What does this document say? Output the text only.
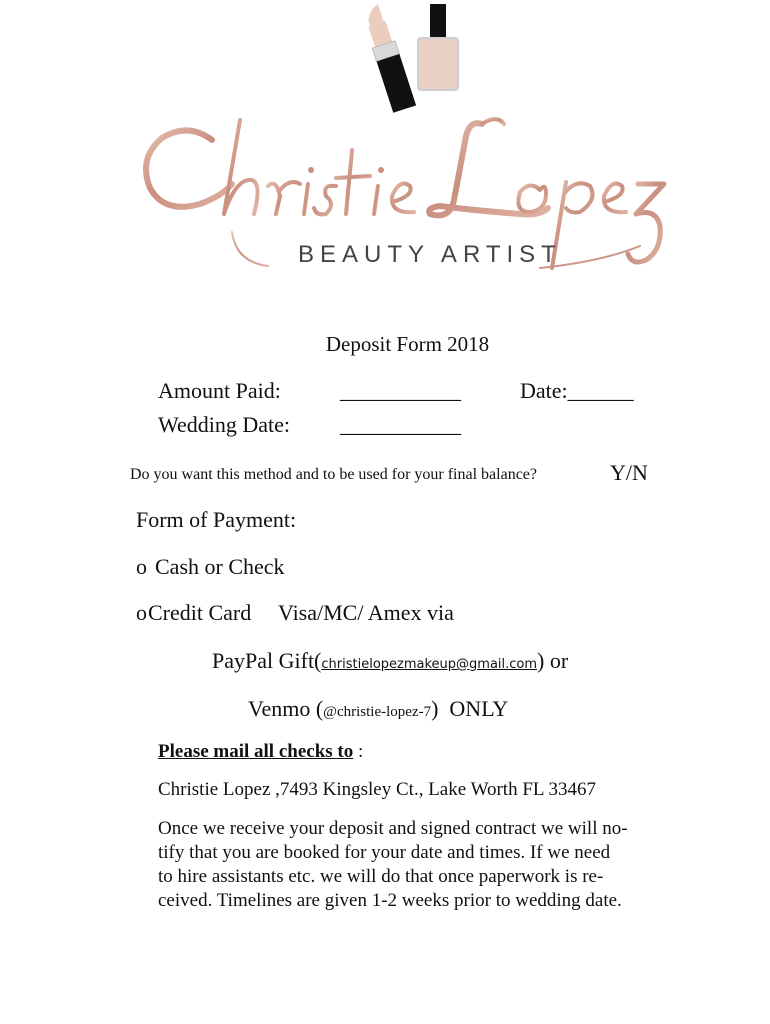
BEAUTY ARTIST
Deposit Form 2018
Amount Paid:	___________	Date:______
Wedding Date: ___________
Do you want this method and to be used for your final balance?	Y/N
Form of Payment:
o Cash or Check
o Credit Card Visa/MC/ Amex via
PayPal Gift(christielopezmakeup@gmail.com) or
Venmo (@christie-lopez-7) ONLY
Please mail all checks to :
Christie Lopez ,7493 Kingsley Ct., Lake Worth FL 33467
Once we receive your deposit and signed contract we will no-
tify that you are booked for your date and times. If we need
to hire assistants etc. we will do that once paperwork is re-
ceived. Timelines are given 1-2 weeks prior to wedding date.
